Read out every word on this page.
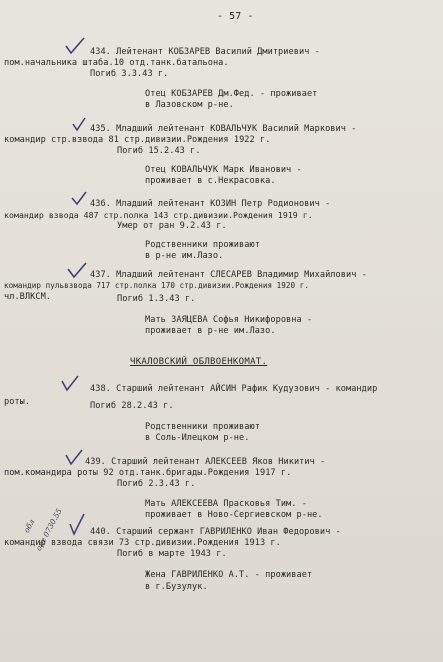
- 57 -
434. Лейтенант КОБЗАРЕВ Василий Дмитриевич -
пом.начальника штаба.10 отд.танк.батальона.
Погиб 3.3.43 г.
Отец КОБЗАРЕВ Дм.Фед. - проживает
в Лазовском р-не.
435. Младший лейтенант КОВАЛЬЧУК Василий Маркович -
командир стр.взвода 81 стр.дивизии.Рождения 1922 г.
Погиб 15.2.43 г.
Отец КОВАЛЬЧУК Марк Иванович -
проживает в с.Некрасовка.
436. Младший лейтенант КОЗИН Петр Родионович -
командир взвода 487 стр.полка 143 стр.дивизии.Рождения 1919 г.
Умер от ран 9.2.43 г.
Родственники проживают
в р-не им.Лазо.
437. Младший лейтенант СЛЕСАРЕВ Владимир Михайлович -
командир пульвзвода 717 стр.полка 170 стр.дивизии.Рождения 1920 г.
чл.ВЛКСМ.	Погиб 1.3.43 г.
Мать ЗАЯЦЕВА Софья Никифоровна -
проживает в р-не им.Лазо.
ЧКАЛОВСКИЙ ОБЛВОЕНКОМАТ.
438. Старший лейтенант АЙСИН Рафик Кудузович - командир
роты.	Погиб 28.2.43 г.
Родственники проживают
в Соль-Илецком р-не.
439. Старший лейтенант АЛЕКСЕЕВ Яков Никитич -
пом.командира роты 92 отд.танк.бригады.Рождения 1917 г.
Погиб 2.3.43 г.
Мать АЛЕКСЕЕВА Прасковья Тим. -
проживает в Ново-Сергиевском р-не.
обл
орг 0730.55	440. Старший сержант ГАВРИЛЕНКО Иван Федорович -
командир взвода связи 73 стр.дивизии.Рождения 1913 г.
Погиб в марте 1943 г.
Жена ГАВРИЛЕНКО А.Т. - проживает
в г.Бузулук.
